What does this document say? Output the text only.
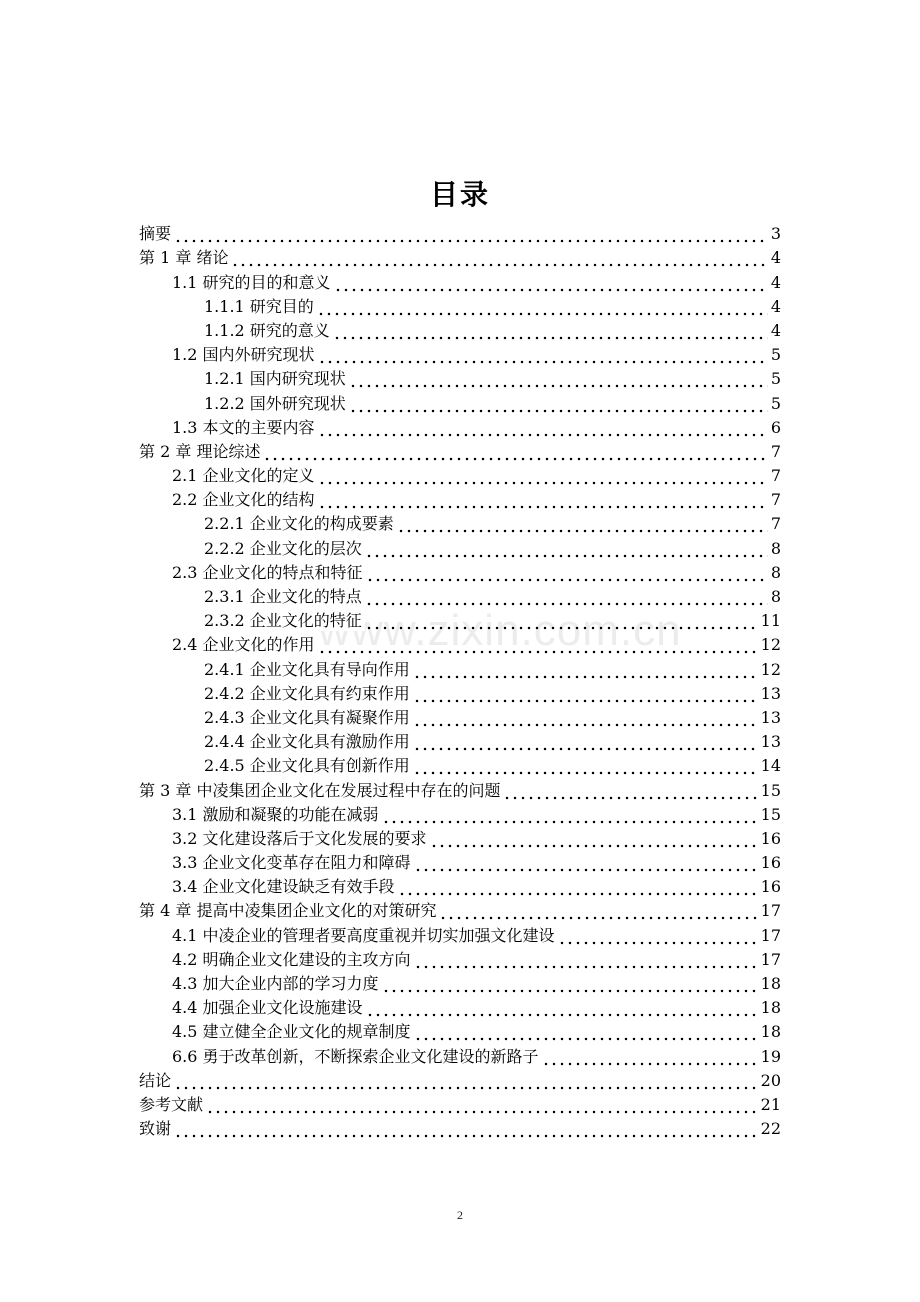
目录
摘要	3
第 1 章 绪论	4
1.1 研究的目的和意义	4
1.1.1 研究目的	4
1.1.2 研究的意义	4
1.2 国内外研究现状	5
1.2.1 国内研究现状	5
1.2.2 国外研究现状	5
1.3 本文的主要内容	6
第 2 章 理论综述	7
2.1 企业文化的定义	7
2.2 企业文化的结构	7
2.2.1 企业文化的构成要素	7
2.2.2 企业文化的层次	8
2.3 企业文化的特点和特征	8
2.3.1 企业文化的特点	8
2.3.2 企业文化的特征	11
2.4 企业文化的作用	12
2.4.1 企业文化具有导向作用	12
2.4.2 企业文化具有约束作用	13
2.4.3 企业文化具有凝聚作用	13
2.4.4 企业文化具有激励作用	13
2.4.5 企业文化具有创新作用	14
第 3 章 中凌集团企业文化在发展过程中存在的问题	15
3.1 激励和凝聚的功能在减弱	15
3.2 文化建设落后于文化发展的要求	16
3.3 企业文化变革存在阻力和障碍	16
3.4 企业文化建设缺乏有效手段	16
第 4 章 提高中凌集团企业文化的对策研究	17
4.1 中凌企业的管理者要高度重视并切实加强文化建设	17
4.2 明确企业文化建设的主攻方向	17
4.3 加大企业内部的学习力度	18
4.4 加强企业文化设施建设	18
4.5 建立健全企业文化的规章制度	18
6.6 勇于改革创新，不断探索企业文化建设的新路子	19
结论	20
参考文献	21
致谢	22
2
